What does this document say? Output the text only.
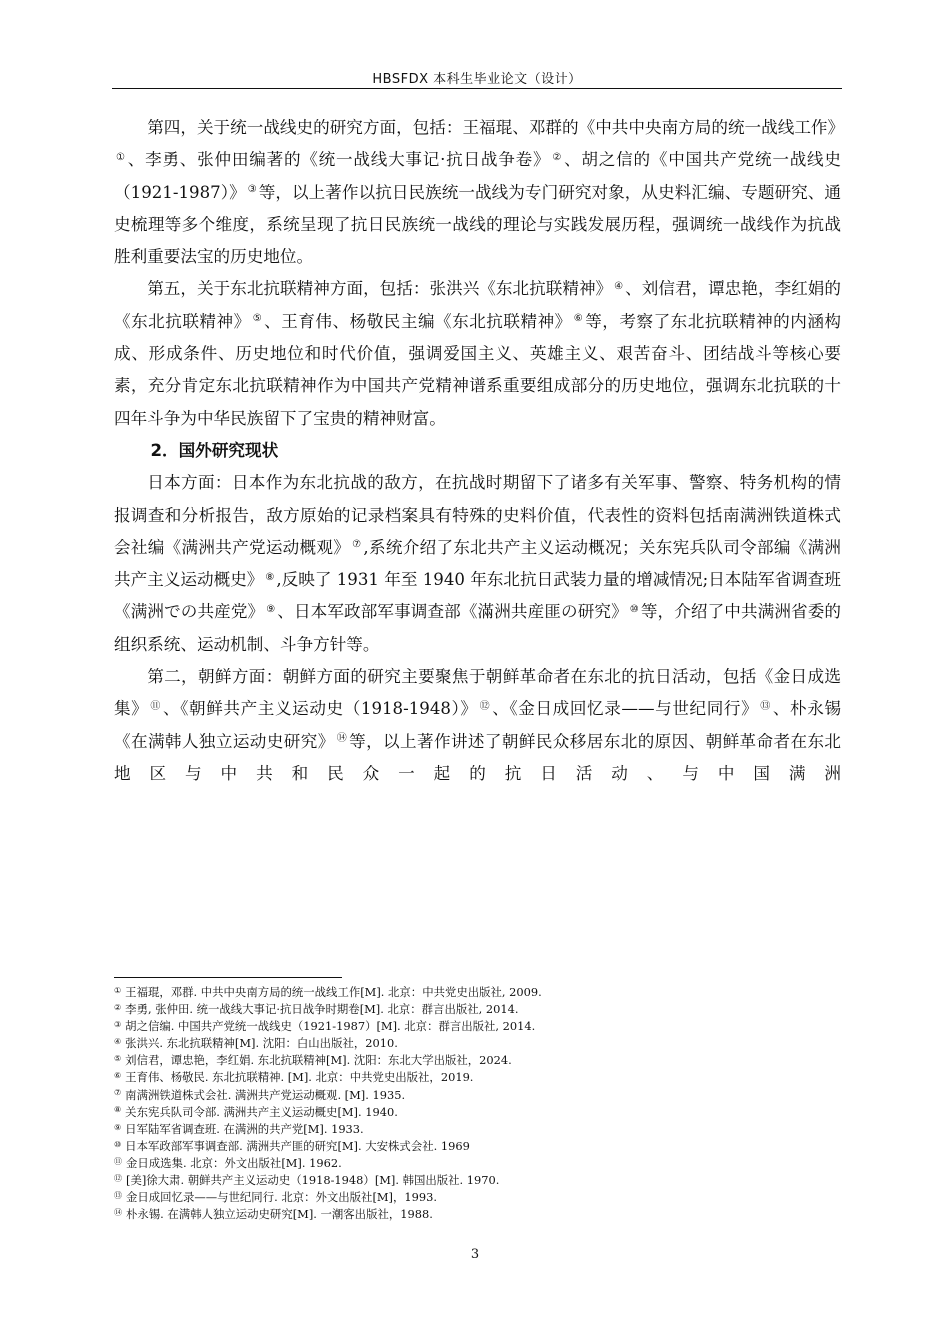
HBSFDX 本科生毕业论文（设计）

第四，关于统一战线史的研究方面，包括：王福琨、邓群的《中共中央南方局的统一战线工作》① 、李勇、张仲田编著的《统一战线大事记·抗日战争卷》 ② 、胡之信的《中国共产党统一战线史（1921-1987）》 ③ 等，以上著作以抗日民族统一战线为专门研究对象，从史料汇编、专题研究、通史梳理等多个维度，系统呈现了抗日民族统一战线的理论与实践发展历程，强调统一战线作为抗战胜利重要法宝的历史地位。

第五，关于东北抗联精神方面，包括：张洪兴《东北抗联精神》 ④ 、刘信君，谭忠艳，李红娟的《东北抗联精神》 ⑤ 、王育伟、杨敬民主编《东北抗联精神》 ⑥ 等，考察了东北抗联精神的内涵构成、形成条件、历史地位和时代价值，强调爱国主义、英雄主义、艰苦奋斗、团结战斗等核心要素，充分肯定东北抗联精神作为中国共产党精神谱系重要组成部分的历史地位，强调东北抗联的十四年斗争为中华民族留下了宝贵的精神财富。

2．国外研究现状

日本方面：日本作为东北抗战的敌方，在抗战时期留下了诸多有关军事、警察、特务机构的情报调查和分析报告，敌方原始的记录档案具有特殊的史料价值，代表性的资料包括南满洲铁道株式会社编《满洲共产党运动概观》 ⑦ ,系统介绍了东北共产主义运动概况；关东宪兵队司令部编《满洲共产主义运动概史》 ⑧ ,反映了 1931 年至 1940 年东北抗日武装力量的增减情况;日本陆军省调查班《满洲での共産党》 ⑨ 、日本军政部军事调查部《滿洲共産匪の研究》 ⑩ 等，介绍了中共满洲省委的组织系统、运动机制、斗争方针等。

第二，朝鲜方面：朝鲜方面的研究主要聚焦于朝鲜革命者在东北的抗日活动，包括《金日成选集》 ⑪ 、《朝鲜共产主义运动史（1918-1948）》 ⑫ 、《金日成回忆录——与世纪同行》 ⑬ 、朴永锡《在满韩人独立运动史研究》 ⑭ 等，以上著作讲述了朝鲜民众移居东北的原因、朝鲜革命者在东北地区与中共和民众一起的抗日活动、与中国满洲

① 王福琨，邓群. 中共中央南方局的统一战线工作[M]. 北京：中共党史出版社, 2009.
② 李勇, 张仲田. 统一战线大事记·抗日战争时期卷[M]. 北京：群言出版社, 2014.
③ 胡之信编. 中国共产党统一战线史（1921-1987）[M]. 北京：群言出版社, 2014.
④ 张洪兴. 东北抗联精神[M]. 沈阳：白山出版社，2010.
⑤ 刘信君，谭忠艳，李红娟. 东北抗联精神[M]. 沈阳：东北大学出版社，2024.
⑥ 王育伟、杨敬民. 东北抗联精神. [M]. 北京：中共党史出版社，2019.
⑦ 南满洲铁道株式会社. 满洲共产党运动概观. [M]. 1935.
⑧ 关东宪兵队司令部. 满洲共产主义运动概史[M]. 1940.
⑨ 日军陆军省调查班. 在满洲的共产党[M]. 1933.
⑩ 日本军政部军事调查部. 满洲共产匪的研究[M]. 大安株式会社. 1969
⑪ 金日成选集. 北京：外文出版社[M]. 1962.
⑫ [美]徐大肃. 朝鲜共产主义运动史（1918-1948）[M]. 韩国出版社. 1970.
⑬ 金日成回忆录——与世纪同行. 北京：外文出版社[M]，1993.
⑭ 朴永锡. 在满韩人独立运动史研究[M]. 一潮客出版社，1988.
3
